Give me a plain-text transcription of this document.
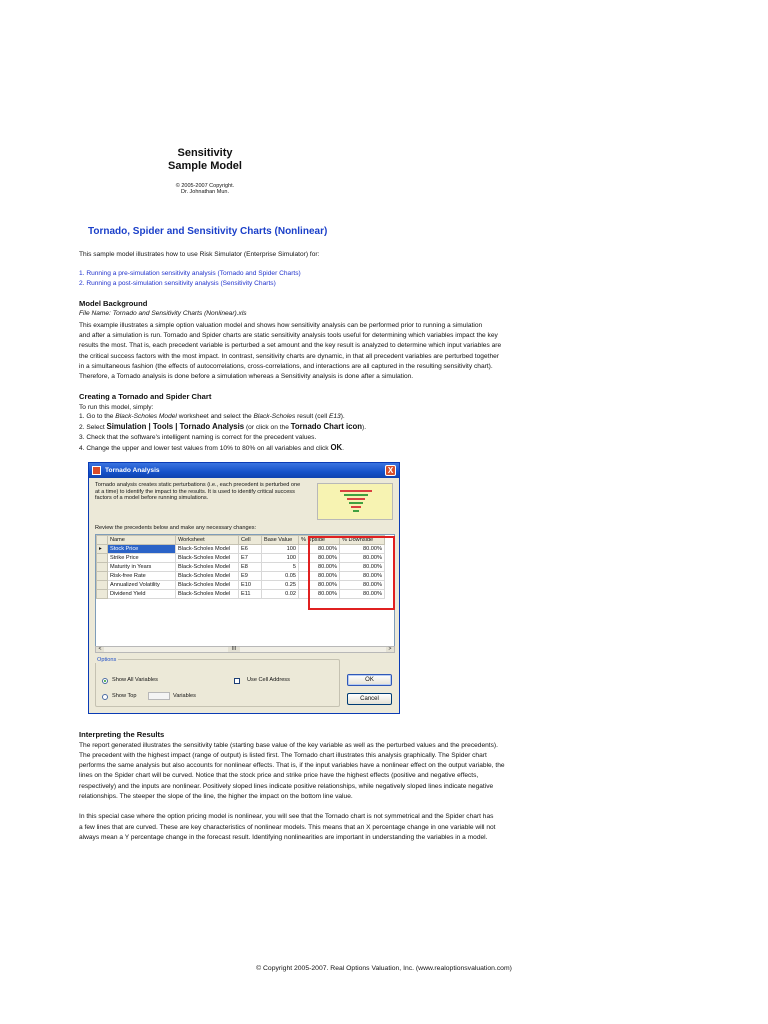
Sensitivity
Sample Model
© 2005-2007 Copyright.
Dr. Johnathan Mun.
Tornado, Spider and Sensitivity Charts (Nonlinear)
This sample model illustrates how to use Risk Simulator (Enterprise Simulator) for:
1. Running a pre-simulation sensitivity analysis (Tornado and Spider Charts)
2. Running a post-simulation sensitivity analysis (Sensitivity Charts)
Model Background
File Name: Tornado and Sensitivity Charts (Nonlinear).xls
This example illustrates a simple option valuation model and shows how sensitivity analysis can be performed prior to running a simulation
and after a simulation is run. Tornado and Spider charts are static sensitivity analysis tools useful for determining which variables impact the key
results the most. That is, each precedent variable is perturbed a set amount and the key result is analyzed to determine which input variables are
the critical success factors with the most impact. In contrast, sensitivity charts are dynamic, in that all precedent variables are perturbed together
in a simultaneous fashion (the effects of autocorrelations, cross-correlations, and interactions are all captured in the resulting sensitivity chart).
Therefore, a Tornado analysis is done before a simulation whereas a Sensitivity analysis is done after a simulation.
Creating a Tornado and Spider Chart
To run this model, simply:
1. Go to the Black-Scholes Model worksheet and select the Black-Scholes result (cell E13).
2. Select Simulation | Tools | Tornado Analysis (or click on the Tornado Chart icon).
3. Check that the software's intelligent naming is correct for the precedent values.
4. Change the upper and lower test values from 10% to 80% on all variables and click OK.
Tornado Analysis	X
Tornado analysis creates static perturbations (i.e., each precedent is perturbed one at a time) to identify the impact to the results. It is used to identify critical success factors of a model before running simulations.
Review the precedents below and make any necessary changes:
	Name	Worksheet	Cell	Base Value	% Upside	% Downside
▸	Stock Price	Black-Scholes Model	E6	100	80.00%	80.00%
	Strike Price	Black-Scholes Model	E7	100	80.00%	80.00%
	Maturity in Years	Black-Scholes Model	E8	5	80.00%	80.00%
	Risk-free Rate	Black-Scholes Model	E9	0.05	80.00%	80.00%
	Annualized Volatility	Black-Scholes Model	E10	0.25	80.00%	80.00%
	Dividend Yield	Black-Scholes Model	E11	0.02	80.00%	80.00%
<	III	>
Options
Show All Variables
Show Top	Variables
Use Cell Address	OK
Cancel
Interpreting the Results
The report generated illustrates the sensitivity table (starting base value of the key variable as well as the perturbed values and the precedents).
The precedent with the highest impact (range of output) is listed first. The Tornado chart illustrates this analysis graphically. The Spider chart
performs the same analysis but also accounts for nonlinear effects. That is, if the input variables have a nonlinear effect on the output variable, the
lines on the Spider chart will be curved. Notice that the stock price and strike price have the highest effects (positive and negative effects,
respectively) and the inputs are nonlinear. Positively sloped lines indicate positive relationships, while negatively sloped lines indicate negative
relationships. The steeper the slope of the line, the higher the impact on the bottom line value.
In this special case where the option pricing model is nonlinear, you will see that the Tornado chart is not symmetrical and the Spider chart has
a few lines that are curved. These are key characteristics of nonlinear models. This means that an X percentage change in one variable will not
always mean a Y percentage change in the forecast result. Identifying nonlinearities are important in understanding the variables in a model.
© Copyright 2005-2007. Real Options Valuation, Inc. (www.realoptionsvaluation.com)
